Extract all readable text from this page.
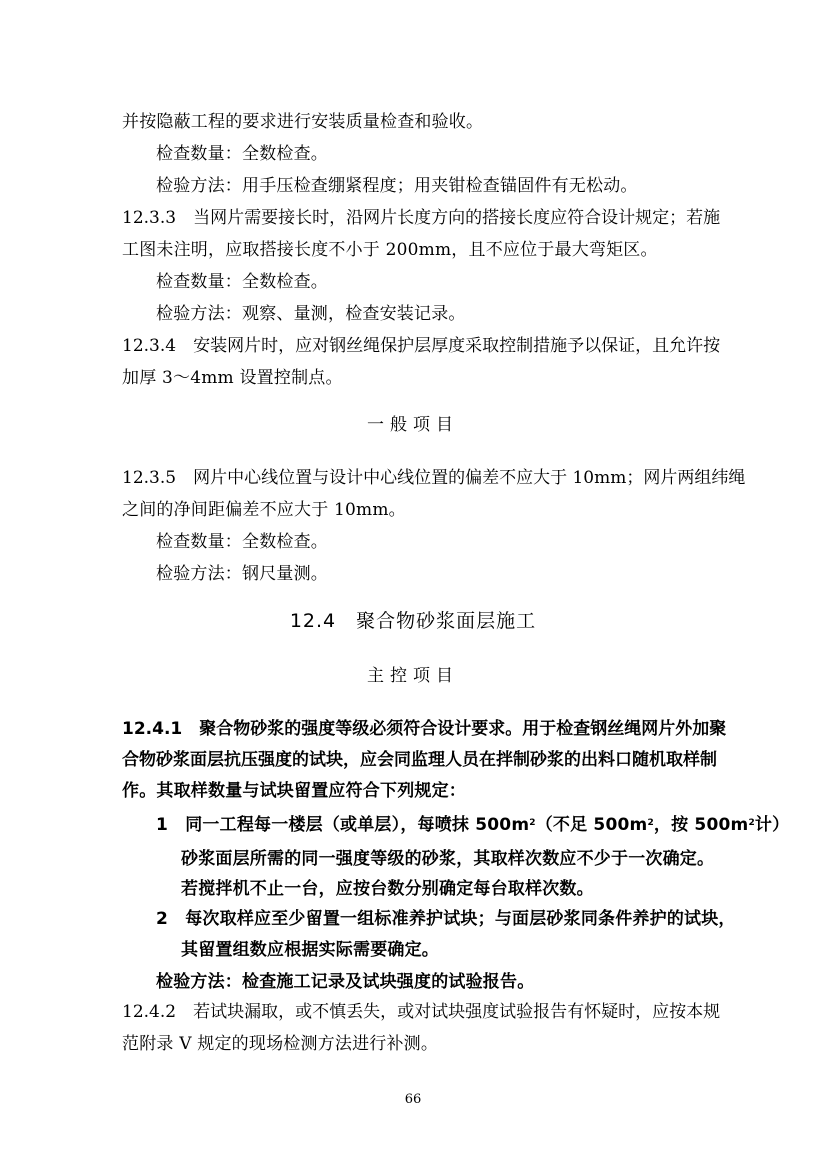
并按隐蔽工程的要求进行安装质量检查和验收。
检查数量：全数检查。
检验方法：用手压检查绷紧程度；用夹钳检查锚固件有无松动。
12.3.3　当网片需要接长时，沿网片长度方向的搭接长度应符合设计规定；若施
工图未注明，应取搭接长度不小于 200mm，且不应位于最大弯矩区。
检查数量：全数检查。
检验方法：观察、量测，检查安装记录。
12.3.4　安装网片时，应对钢丝绳保护层厚度采取控制措施予以保证，且允许按
加厚 3～4mm 设置控制点。
一般项目
12.3.5　网片中心线位置与设计中心线位置的偏差不应大于 10mm；网片两组纬绳
之间的净间距偏差不应大于 10mm。
检查数量：全数检查。
检验方法：钢尺量测。
12.4　聚合物砂浆面层施工
主控项目
12.4.1　聚合物砂浆的强度等级必须符合设计要求。用于检查钢丝绳网片外加聚
合物砂浆面层抗压强度的试块，应会同监理人员在拌制砂浆的出料口随机取样制
作。其取样数量与试块留置应符合下列规定：
1　同一工程每一楼层（或单层），每喷抹 $500m^2$（不足 $500m^2$，按 $500m^2$计）
砂浆面层所需的同一强度等级的砂浆，其取样次数应不少于一次确定。
若搅拌机不止一台，应按台数分别确定每台取样次数。
2　每次取样应至少留置一组标准养护试块；与面层砂浆同条件养护的试块，
其留置组数应根据实际需要确定。
检验方法：检查施工记录及试块强度的试验报告。
12.4.2　若试块漏取，或不慎丢失，或对试块强度试验报告有怀疑时，应按本规
范附录 V 规定的现场检测方法进行补测。
66
